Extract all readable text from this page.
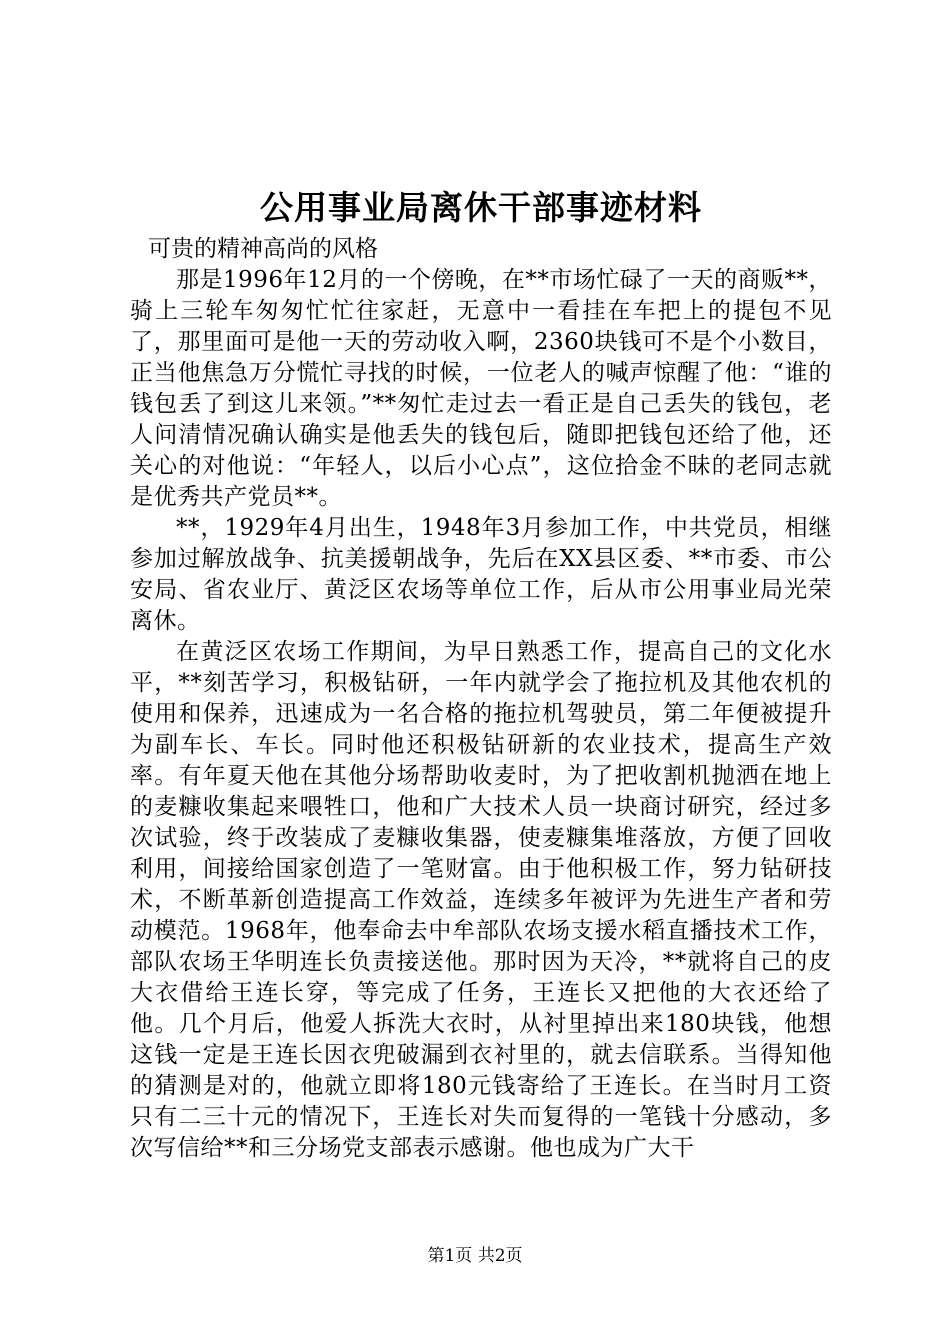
公用事业局离休干部事迹材料

可贵的精神高尚的风格

那是1996年12月的一个傍晚，在**市场忙碌了一天的商贩**，骑上三轮车匆匆忙忙往家赶，无意中一看挂在车把上的提包不见了，那里面可是他一天的劳动收入啊，2360块钱可不是个小数目，正当他焦急万分慌忙寻找的时候，一位老人的喊声惊醒了他：“谁的钱包丢了到这儿来领。”**匆忙走过去一看正是自己丢失的钱包，老人问清情况确认确实是他丢失的钱包后，随即把钱包还给了他，还关心的对他说：“年轻人，以后小心点”，这位拾金不昧的老同志就是优秀共产党员**。

**，1929年4月出生，1948年3月参加工作，中共党员，相继参加过解放战争、抗美援朝战争，先后在XX县区委、**市委、市公安局、省农业厅、黄泛区农场等单位工作，后从市公用事业局光荣离休。

在黄泛区农场工作期间，为早日熟悉工作，提高自己的文化水平，**刻苦学习，积极钻研，一年内就学会了拖拉机及其他农机的使用和保养，迅速成为一名合格的拖拉机驾驶员，第二年便被提升为副车长、车长。同时他还积极钻研新的农业技术，提高生产效率。有年夏天他在其他分场帮助收麦时，为了把收割机抛洒在地上的麦糠收集起来喂牲口，他和广大技术人员一块商讨研究，经过多次试验，终于改装成了麦糠收集器，使麦糠集堆落放，方便了回收利用，间接给国家创造了一笔财富。由于他积极工作，努力钻研技术，不断革新创造提高工作效益，连续多年被评为先进生产者和劳动模范。1968年，他奉命去中牟部队农场支援水稻直播技术工作，部队农场王华明连长负责接送他。那时因为天冷，**就将自己的皮大衣借给王连长穿，等完成了任务，王连长又把他的大衣还给了他。几个月后，他爱人拆洗大衣时，从衬里掉出来180块钱，他想这钱一定是王连长因衣兜破漏到衣衬里的，就去信联系。当得知他的猜测是对的，他就立即将180元钱寄给了王连长。在当时月工资只有二三十元的情况下，王连长对失而复得的一笔钱十分感动，多次写信给**和三分场党支部表示感谢。他也成为广大干

第1页 共2页
